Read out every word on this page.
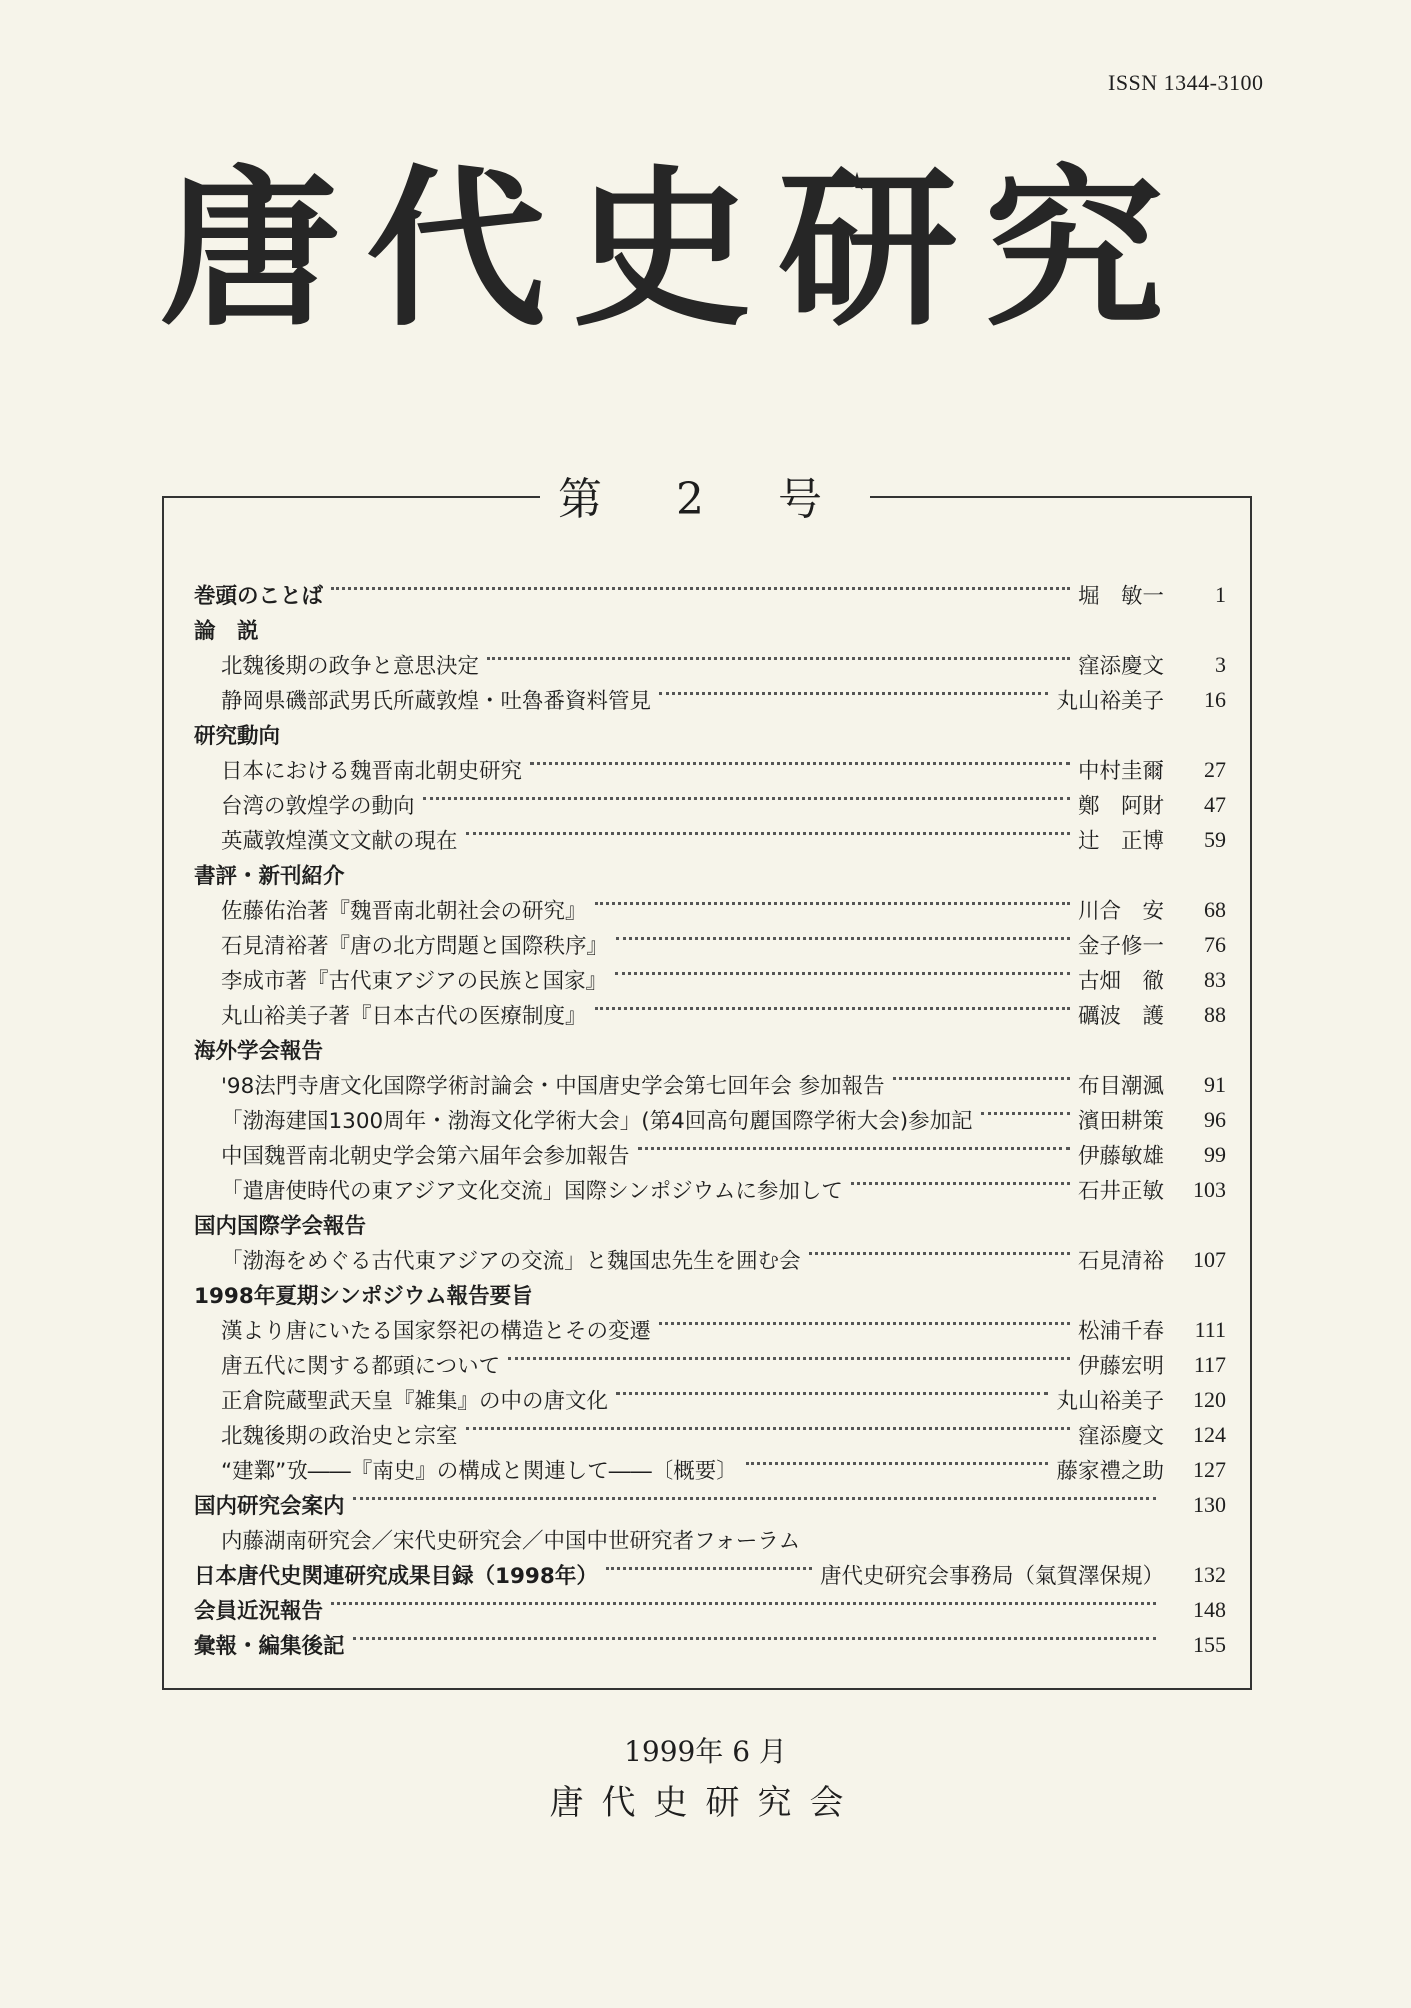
ISSN 1344-3100
唐代史研究
第 2 号
巻頭のことば	堀　敏一	1
論　説
北魏後期の政争と意思決定	窪添慶文	3
静岡県磯部武男氏所蔵敦煌・吐魯番資料管見	丸山裕美子	16
研究動向
日本における魏晋南北朝史研究	中村圭爾	27
台湾の敦煌学の動向	鄭　阿財	47
英蔵敦煌漢文文献の現在	辻　正博	59
書評・新刊紹介
佐藤佑治著『魏晋南北朝社会の研究』	川合　安	68
石見清裕著『唐の北方問題と国際秩序』	金子修一	76
李成市著『古代東アジアの民族と国家』	古畑　徹	83
丸山裕美子著『日本古代の医療制度』	礪波　護	88
海外学会報告
'98法門寺唐文化国際学術討論会・中国唐史学会第七回年会 参加報告	布目潮渢	91
「渤海建国1300周年・渤海文化学術大会」(第4回高句麗国際学術大会)参加記	濱田耕策	96
中国魏晋南北朝史学会第六届年会参加報告	伊藤敏雄	99
「遣唐使時代の東アジア文化交流」国際シンポジウムに参加して	石井正敏	103
国内国際学会報告
「渤海をめぐる古代東アジアの交流」と魏国忠先生を囲む会	石見清裕	107
1998年夏期シンポジウム報告要旨
漢より唐にいたる国家祭祀の構造とその変遷	松浦千春	111
唐五代に関する都頭について	伊藤宏明	117
正倉院蔵聖武天皇『雑集』の中の唐文化	丸山裕美子	120
北魏後期の政治史と宗室	窪添慶文	124
“建鄴”攷――『南史』の構成と関連して――〔概要〕	藤家禮之助	127
国内研究会案内	130
内藤湖南研究会／宋代史研究会／中国中世研究者フォーラム
日本唐代史関連研究成果目録（1998年）	唐代史研究会事務局（氣賀澤保規）	132
会員近況報告	148
彙報・編集後記	155
1999年 6 月
唐代史研究会
